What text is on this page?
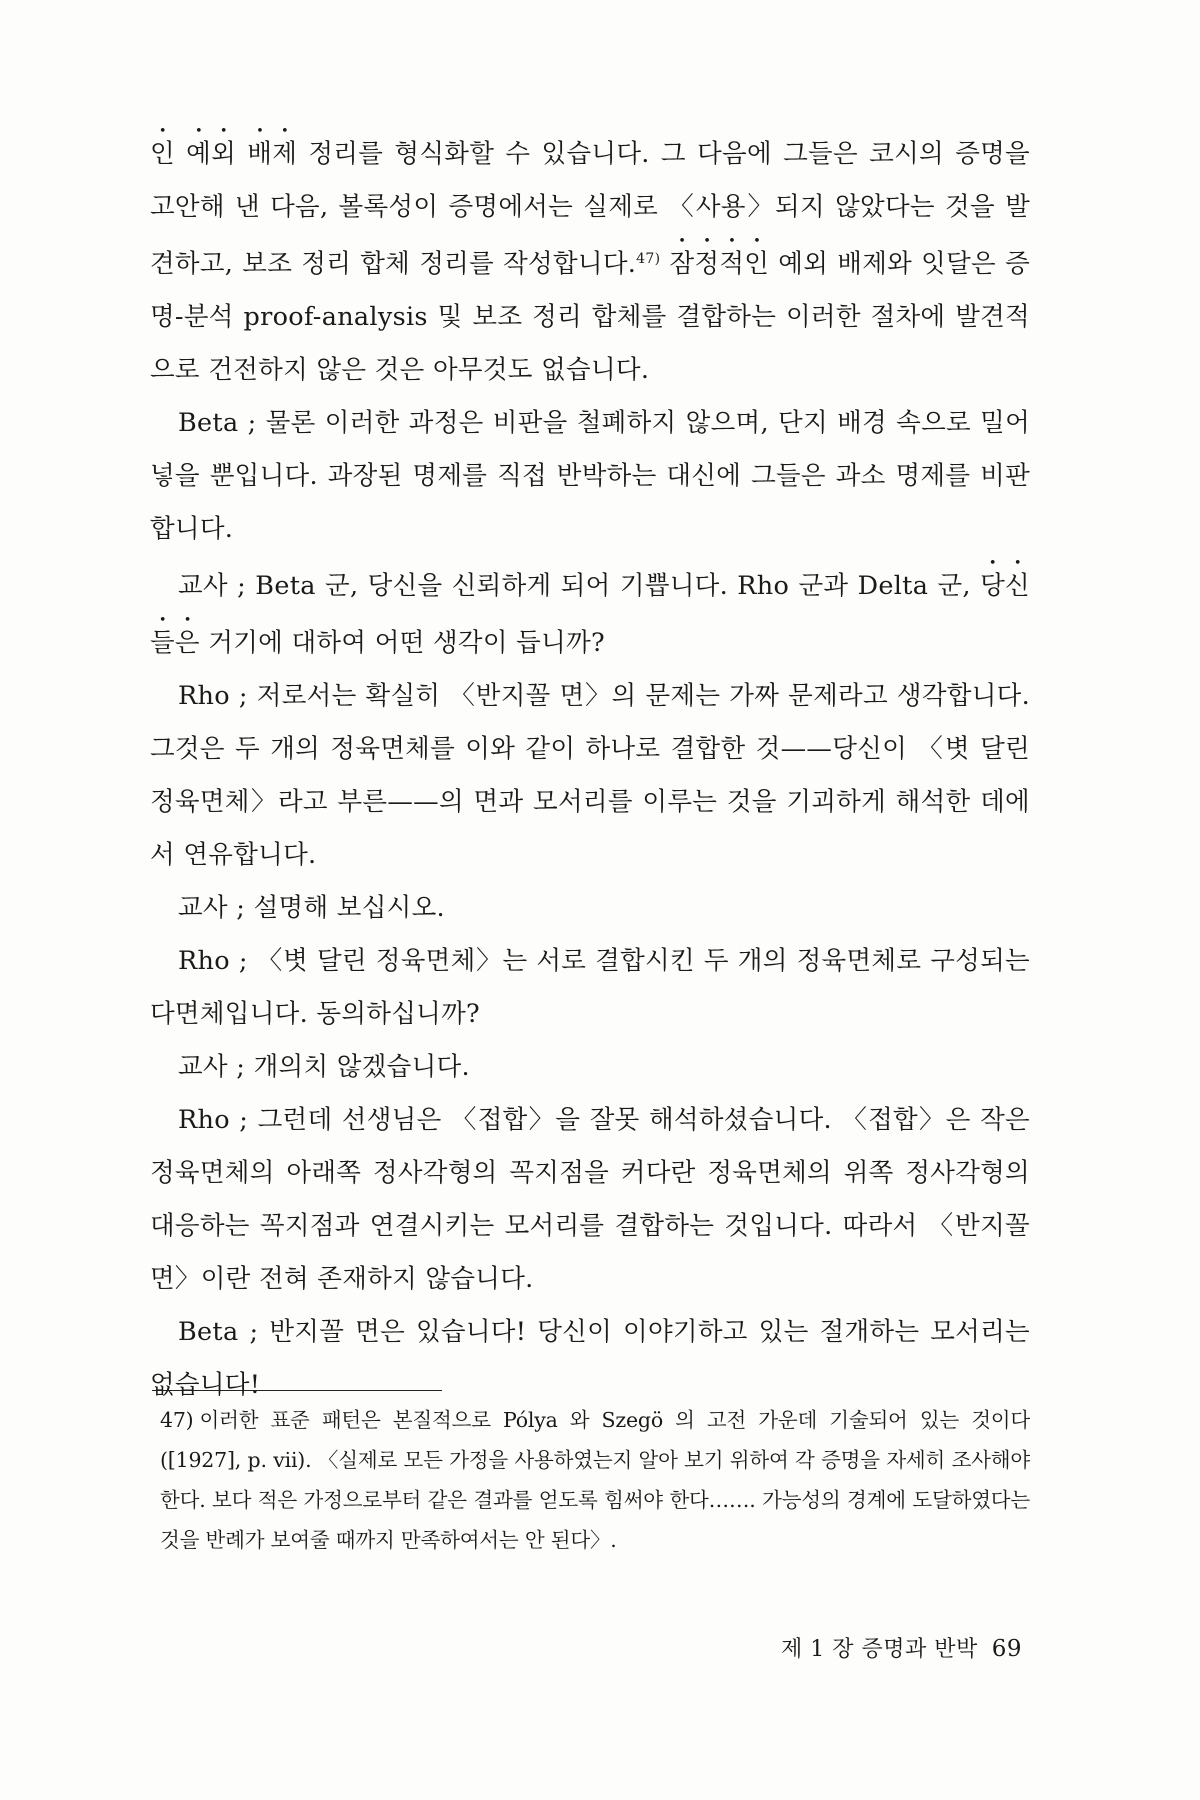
인 예외 배제 정리를 형식화할 수 있습니다. 그 다음에 그들은 코시의 증명을 고안해 낸 다음, 볼록성이 증명에서는 실제로 〈사용〉되지 않았다는 것을 발견하고, 보조 정리 합체 정리를 작성합니다.$^{47)}$ 잠정적인 예외 배제와 잇달은 증명-분석 proof-analysis 및 보조 정리 합체를 결합하는 이러한 절차에 발견적으로 건전하지 않은 것은 아무것도 없습니다.

Beta ; 물론 이러한 과정은 비판을 철폐하지 않으며, 단지 배경 속으로 밀어 넣을 뿐입니다. 과장된 명제를 직접 반박하는 대신에 그들은 과소 명제를 비판합니다.

교사 ; Beta 군, 당신을 신뢰하게 되어 기쁩니다. Rho 군과 Delta 군, 당신들은 거기에 대하여 어떤 생각이 듭니까?

Rho ; 저로서는 확실히 〈반지꼴 면〉의 문제는 가짜 문제라고 생각합니다. 그것은 두 개의 정육면체를 이와 같이 하나로 결합한 것——당신이 〈볏 달린 정육면체〉라고 부른——의 면과 모서리를 이루는 것을 기괴하게 해석한 데에서 연유합니다.

교사 ; 설명해 보십시오.

Rho ; 〈볏 달린 정육면체〉는 서로 결합시킨 두 개의 정육면체로 구성되는 다면체입니다. 동의하십니까?

교사 ; 개의치 않겠습니다.

Rho ; 그런데 선생님은 〈접합〉을 잘못 해석하셨습니다. 〈접합〉은 작은 정육면체의 아래쪽 정사각형의 꼭지점을 커다란 정육면체의 위쪽 정사각형의 대응하는 꼭지점과 연결시키는 모서리를 결합하는 것입니다. 따라서 〈반지꼴 면〉이란 전혀 존재하지 않습니다.

Beta ; 반지꼴 면은 있습니다! 당신이 이야기하고 있는 절개하는 모서리는 없습니다!

47) 이러한 표준 패턴은 본질적으로 Pólya 와 Szegö 의 고전 가운데 기술되어 있는 것이다 ([1927], p. vii). 〈실제로 모든 가정을 사용하였는지 알아 보기 위하여 각 증명을 자세히 조사해야 한다. 보다 적은 가정으로부터 같은 결과를 얻도록 힘써야 한다……. 가능성의 경계에 도달하였다는 것을 반례가 보여줄 때까지 만족하여서는 안 된다〉.
제 1 장 증명과 반박 69
